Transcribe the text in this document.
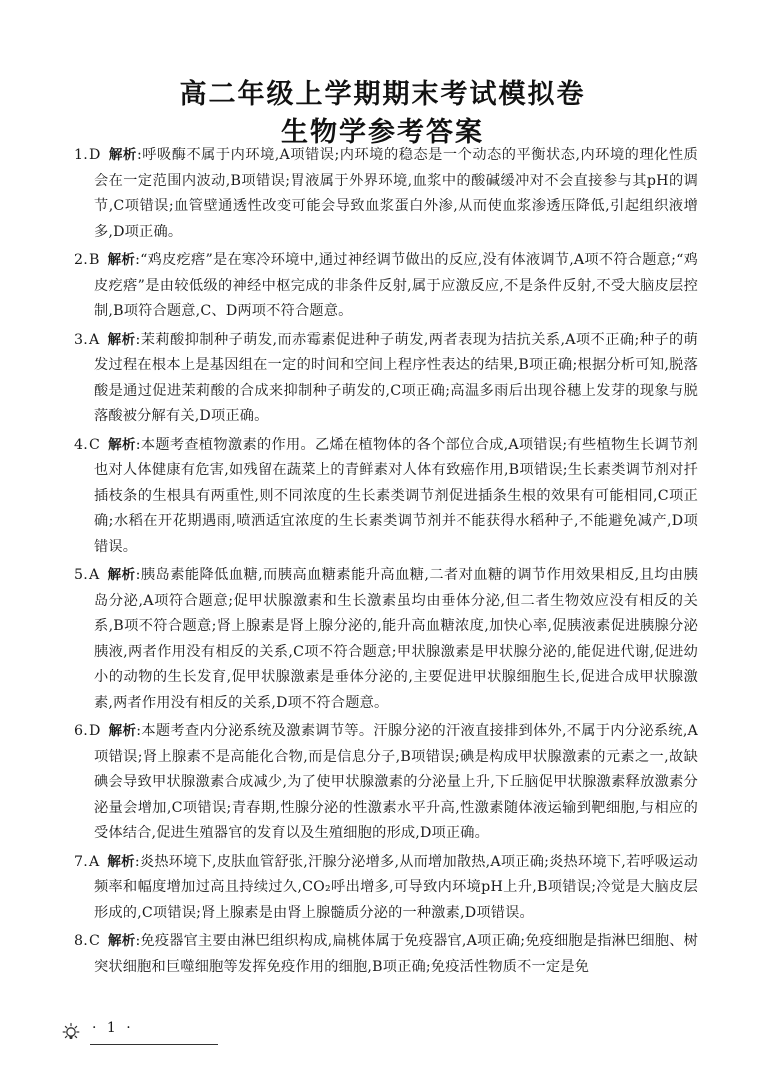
高二年级上学期期末考试模拟卷
生物学参考答案

1.D 解析:呼吸酶不属于内环境,A项错误;内环境的稳态是一个动态的平衡状态,内环境的理化性质会在一定范围内波动,B项错误;胃液属于外界环境,血浆中的酸碱缓冲对不会直接参与其pH的调节,C项错误;血管壁通透性改变可能会导致血浆蛋白外渗,从而使血浆渗透压降低,引起组织液增多,D项正确。

2.B 解析:“鸡皮疙瘩”是在寒冷环境中,通过神经调节做出的反应,没有体液调节,A项不符合题意;“鸡皮疙瘩”是由较低级的神经中枢完成的非条件反射,属于应激反应,不是条件反射,不受大脑皮层控制,B项符合题意,C、D两项不符合题意。

3.A 解析:茉莉酸抑制种子萌发,而赤霉素促进种子萌发,两者表现为拮抗关系,A项不正确;种子的萌发过程在根本上是基因组在一定的时间和空间上程序性表达的结果,B项正确;根据分析可知,脱落酸是通过促进茉莉酸的合成来抑制种子萌发的,C项正确;高温多雨后出现谷穗上发芽的现象与脱落酸被分解有关,D项正确。

4.C 解析:本题考查植物激素的作用。乙烯在植物体的各个部位合成,A项错误;有些植物生长调节剂也对人体健康有危害,如残留在蔬菜上的青鲜素对人体有致癌作用,B项错误;生长素类调节剂对扦插枝条的生根具有两重性,则不同浓度的生长素类调节剂促进插条生根的效果有可能相同,C项正确;水稻在开花期遇雨,喷洒适宜浓度的生长素类调节剂并不能获得水稻种子,不能避免减产,D项错误。

5.A 解析:胰岛素能降低血糖,而胰高血糖素能升高血糖,二者对血糖的调节作用效果相反,且均由胰岛分泌,A项符合题意;促甲状腺激素和生长激素虽均由垂体分泌,但二者生物效应没有相反的关系,B项不符合题意;肾上腺素是肾上腺分泌的,能升高血糖浓度,加快心率,促胰液素促进胰腺分泌胰液,两者作用没有相反的关系,C项不符合题意;甲状腺激素是甲状腺分泌的,能促进代谢,促进幼小的动物的生长发育,促甲状腺激素是垂体分泌的,主要促进甲状腺细胞生长,促进合成甲状腺激素,两者作用没有相反的关系,D项不符合题意。

6.D 解析:本题考查内分泌系统及激素调节等。汗腺分泌的汗液直接排到体外,不属于内分泌系统,A项错误;肾上腺素不是高能化合物,而是信息分子,B项错误;碘是构成甲状腺激素的元素之一,故缺碘会导致甲状腺激素合成减少,为了使甲状腺激素的分泌量上升,下丘脑促甲状腺激素释放激素分泌量会增加,C项错误;青春期,性腺分泌的性激素水平升高,性激素随体液运输到靶细胞,与相应的受体结合,促进生殖器官的发育以及生殖细胞的形成,D项正确。

7.A 解析:炎热环境下,皮肤血管舒张,汗腺分泌增多,从而增加散热,A项正确;炎热环境下,若呼吸运动频率和幅度增加过高且持续过久,CO₂呼出增多,可导致内环境pH上升,B项错误;冷觉是大脑皮层形成的,C项错误;肾上腺素是由肾上腺髓质分泌的一种激素,D项错误。

8.C 解析:免疫器官主要由淋巴组织构成,扁桃体属于免疫器官,A项正确;免疫细胞是指淋巴细胞、树突状细胞和巨噬细胞等发挥免疫作用的细胞,B项正确;免疫活性物质不一定是免

· 1 ·
